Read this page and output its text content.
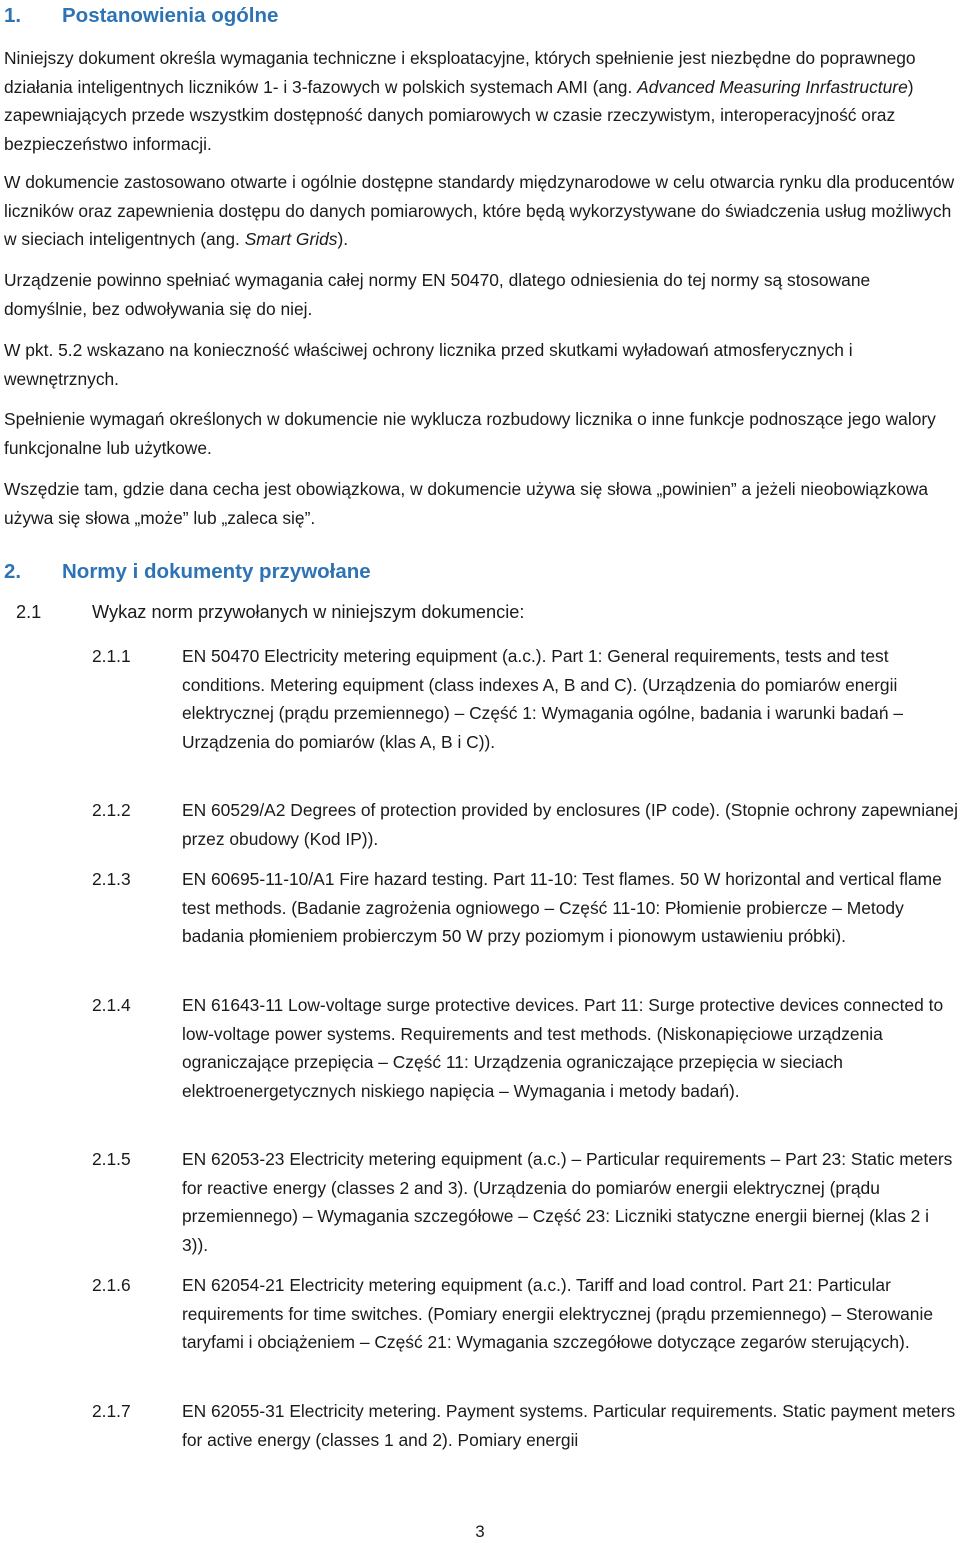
1. Postanowienia ogólne

Niniejszy dokument określa wymagania techniczne i eksploatacyjne, których spełnienie jest niezbędne do poprawnego działania inteligentnych liczników 1- i 3-fazowych w polskich systemach AMI (ang. Advanced Measuring Inrfastructure) zapewniających przede wszystkim dostępność danych pomiarowych w czasie rzeczywistym, interoperacyjność oraz bezpieczeństwo informacji.

W dokumencie zastosowano otwarte i ogólnie dostępne standardy międzynarodowe w celu otwarcia rynku dla producentów liczników oraz zapewnienia dostępu do danych pomiarowych, które będą wykorzystywane do świadczenia usług możliwych w sieciach inteligentnych (ang. Smart Grids).

Urządzenie powinno spełniać wymagania całej normy EN 50470, dlatego odniesienia do tej normy są stosowane domyślnie, bez odwoływania się do niej.

W pkt. 5.2 wskazano na konieczność właściwej ochrony licznika przed skutkami wyładowań atmosferycznych i wewnętrznych.

Spełnienie wymagań określonych w dokumencie nie wyklucza rozbudowy licznika o inne funkcje podnoszące jego walory funkcjonalne lub użytkowe.

Wszędzie tam, gdzie dana cecha jest obowiązkowa, w dokumencie używa się słowa „powinien” a jeżeli nieobowiązkowa używa się słowa „może” lub „zaleca się”.

2. Normy i dokumenty przywołane
2.1	Wykaz norm przywołanych w niniejszym dokumencie:
2.1.1	EN 50470 Electricity metering equipment (a.c.). Part 1: General requirements, tests and test conditions. Metering equipment (class indexes A, B and C). (Urządzenia do pomiarów energii elektrycznej (prądu przemiennego) – Część 1: Wymagania ogólne, badania i warunki badań – Urządzenia do pomiarów (klas A, B i C)).
2.1.2	EN 60529/A2 Degrees of protection provided by enclosures (IP code). (Stopnie ochrony zapewnianej przez obudowy (Kod IP)).
2.1.3	EN 60695-11-10/A1 Fire hazard testing. Part 11-10: Test flames. 50 W horizontal and vertical flame test methods. (Badanie zagrożenia ogniowego – Część 11-10: Płomienie probiercze – Metody badania płomieniem probierczym 50 W przy poziomym i pionowym ustawieniu próbki).
2.1.4	EN 61643-11 Low-voltage surge protective devices. Part 11: Surge protective devices connected to low-voltage power systems. Requirements and test methods. (Niskonapięciowe urządzenia ograniczające przepięcia – Część 11: Urządzenia ograniczające przepięcia w sieciach elektroenergetycznych niskiego napięcia – Wymagania i metody badań).
2.1.5	EN 62053-23 Electricity metering equipment (a.c.) – Particular requirements – Part 23: Static meters for reactive energy (classes 2 and 3). (Urządzenia do pomiarów energii elektrycznej (prądu przemiennego) – Wymagania szczegółowe – Część 23: Liczniki statyczne energii biernej (klas 2 i 3)).
2.1.6	EN 62054-21 Electricity metering equipment (a.c.). Tariff and load control. Part 21: Particular requirements for time switches. (Pomiary energii elektrycznej (prądu przemiennego) – Sterowanie taryfami i obciążeniem – Część 21: Wymagania szczegółowe dotyczące zegarów sterujących).
2.1.7	EN 62055-31 Electricity metering. Payment systems. Particular requirements. Static payment meters for active energy (classes 1 and 2). Pomiary energii
3
